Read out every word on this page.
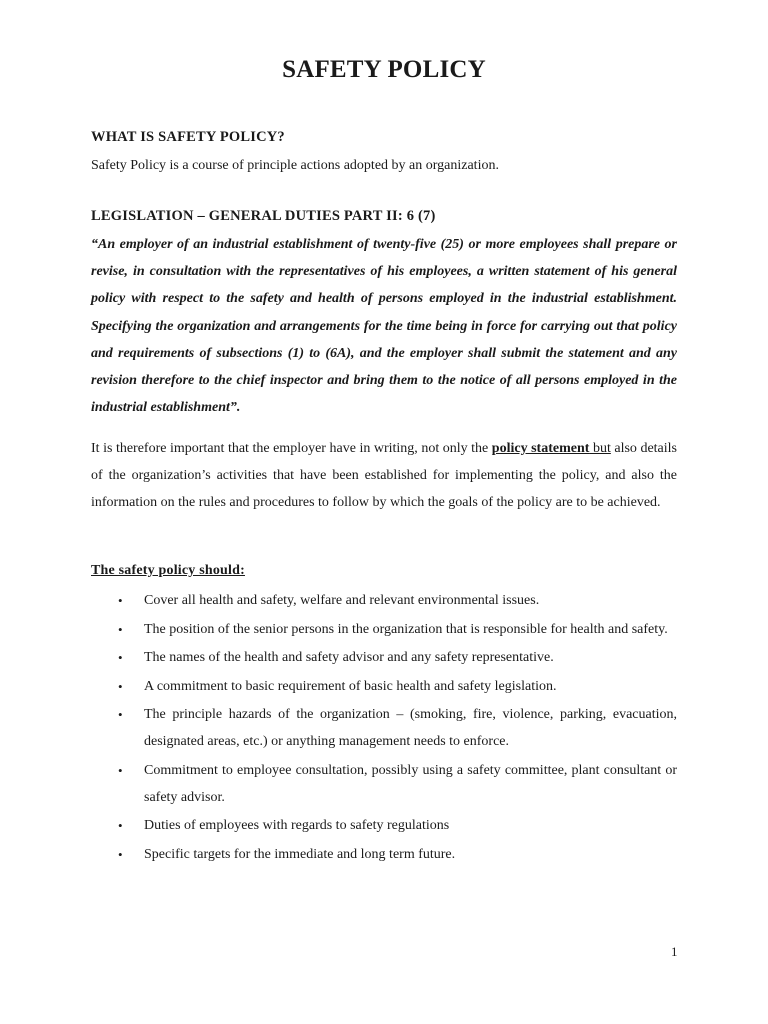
SAFETY POLICY
WHAT IS SAFETY POLICY?
Safety Policy is a course of principle actions adopted by an organization.
LEGISLATION – GENERAL DUTIES PART II: 6 (7)
“An employer of an industrial establishment of twenty-five (25) or more employees shall prepare or revise, in consultation with the representatives of his employees, a written statement of his general policy with respect to the safety and health of persons employed in the industrial establishment. Specifying the organization and arrangements for the time being in force for carrying out that policy and requirements of subsections (1) to (6A), and the employer shall submit the statement and any revision therefore to the chief inspector and bring them to the notice of all persons employed in the industrial establishment”.
It is therefore important that the employer have in writing, not only the policy statement but also details of the organization’s activities that have been established for implementing the policy, and also the information on the rules and procedures to follow by which the goals of the policy are to be achieved.
The safety policy should:
• Cover all health and safety, welfare and relevant environmental issues.
• The position of the senior persons in the organization that is responsible for health and safety.
• The names of the health and safety advisor and any safety representative.
• A commitment to basic requirement of basic health and safety legislation.
• The principle hazards of the organization – (smoking, fire, violence, parking, evacuation, designated areas, etc.) or anything management needs to enforce.
• Commitment to employee consultation, possibly using a safety committee, plant consultant or safety advisor.
• Duties of employees with regards to safety regulations
• Specific targets for the immediate and long term future.
1
